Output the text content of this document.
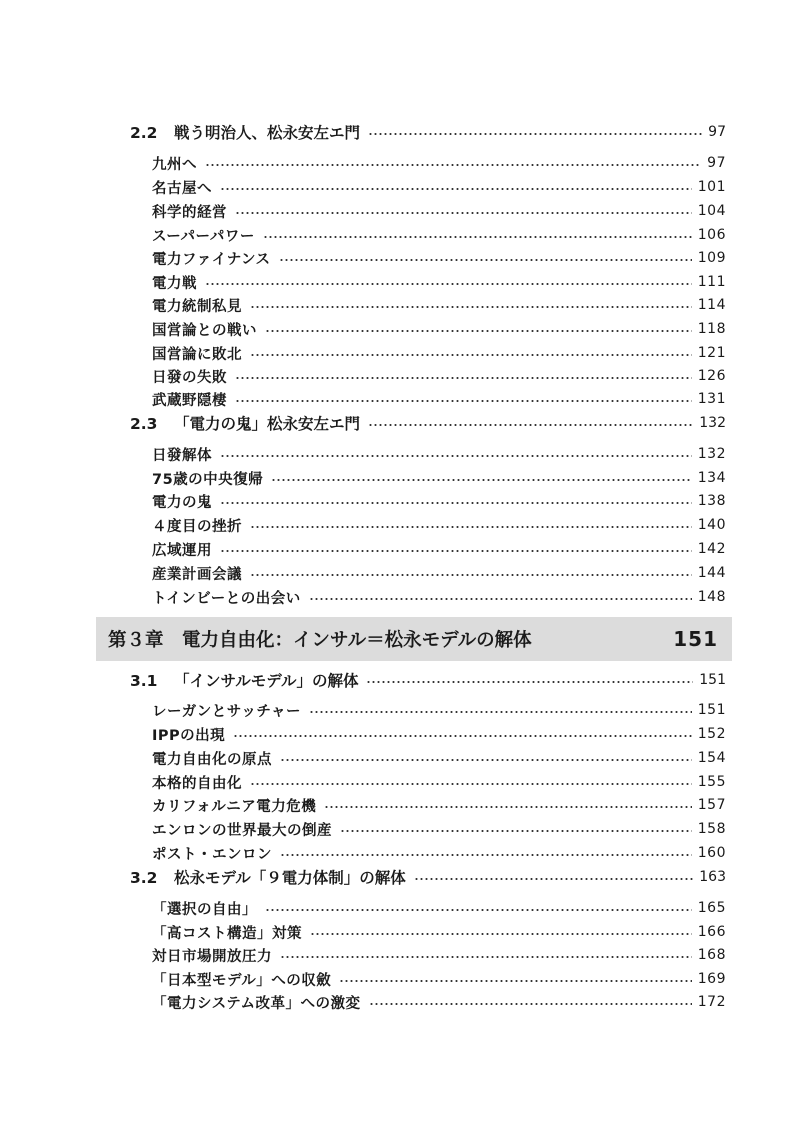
2.2 戦う明治人、松永安左エ門	97
九州へ	97
名古屋へ	101
科学的経営	104
スーパーパワー	106
電力ファイナンス	109
電力戦	111
電力統制私見	114
国営論との戦い	118
国営論に敗北	121
日發の失敗	126
武蔵野隠棲	131
2.3 「電力の鬼」松永安左エ門	132
日發解体	132
75歳の中央復帰	134
電力の鬼	138
４度目の挫折	140
広域運用	142
産業計画会議	144
トインビーとの出会い	148
第３章　電力自由化：インサル＝松永モデルの解体	151
3.1 「インサルモデル」の解体	151
レーガンとサッチャー	151
IPPの出現	152
電力自由化の原点	154
本格的自由化	155
カリフォルニア電力危機	157
エンロンの世界最大の倒産	158
ポスト・エンロン	160
3.2 松永モデル「９電力体制」の解体	163
「選択の自由」	165
「高コスト構造」対策	166
対日市場開放圧力	168
「日本型モデル」への収斂	169
「電力システム改革」への激変	172
